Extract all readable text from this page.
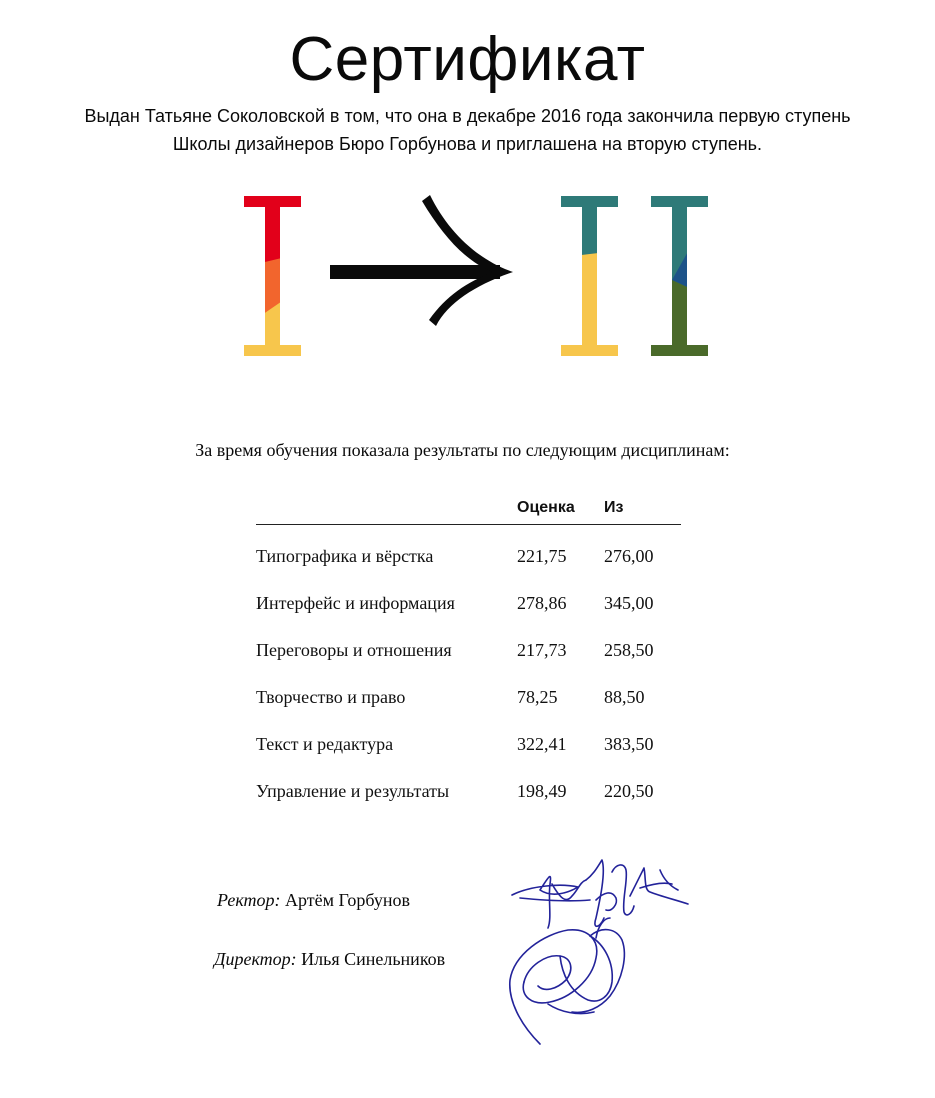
Сертификат

Выдан Татьяне Соколовской в том, что она в декабре 2016 года закончила первую ступень
Школы дизайнеров Бюро Горбунова и приглашена на вторую ступень.

За время обучения показала результаты по следующим дисциплинам:

	Оценка	Из
Типографика и вёрстка	221,75	276,00
Интерфейс и информация	278,86	345,00
Переговоры и отношения	217,73	258,50
Творчество и право	78,25	88,50
Текст и редактура	322,41	383,50
Управление и результаты	198,49	220,50

Ректор: Артём Горбунов

Директор: Илья Синельников
